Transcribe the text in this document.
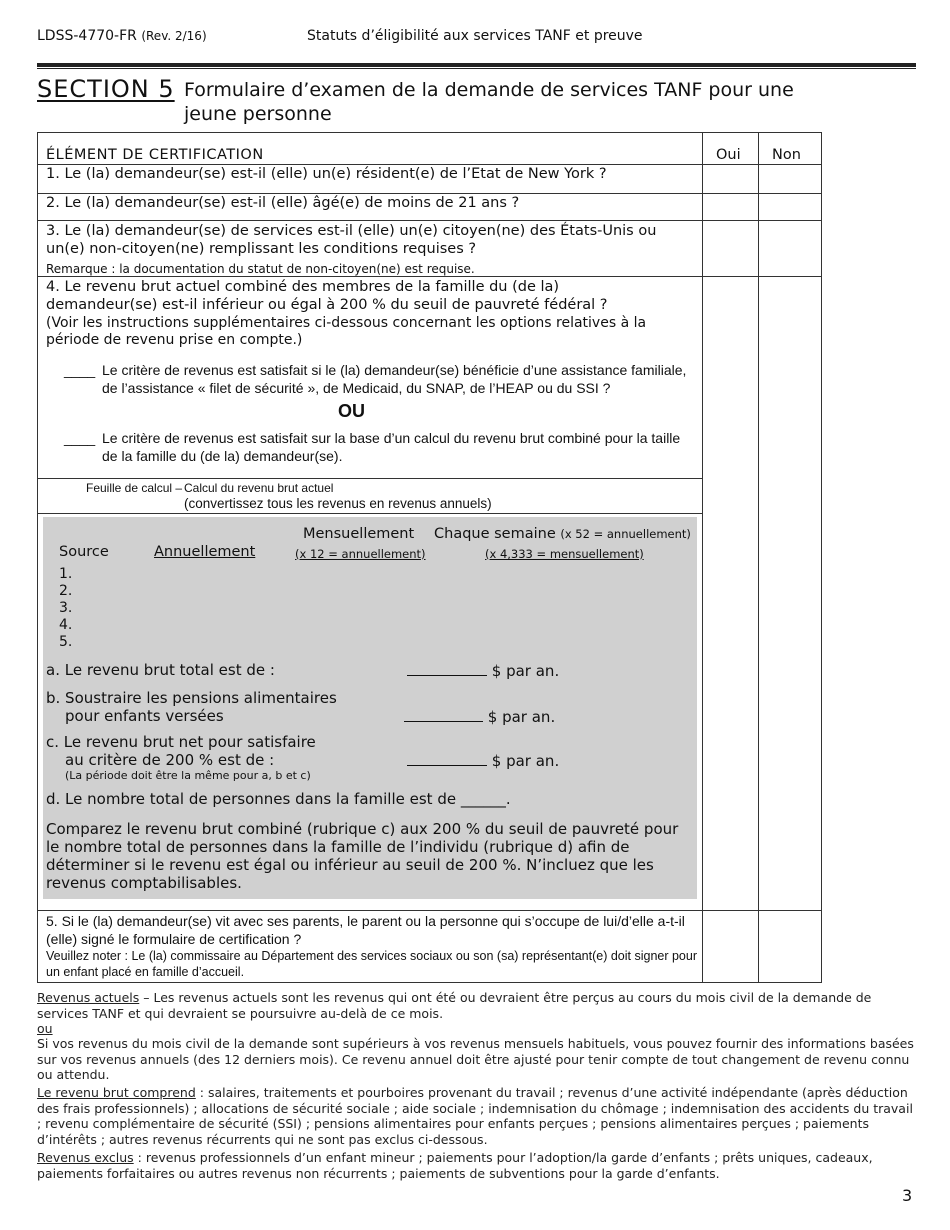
LDSS-4770-FR (Rev. 2/16)	Statuts d’éligibilité aux services TANF et preuve
SECTION 5 Formulaire d’examen de la demande de services TANF pour une jeune personne
ÉLÉMENT DE CERTIFICATION	Oui Non
1. Le (la) demandeur(se) est-il (elle) un(e) résident(e) de l’Etat de New York ?
2. Le (la) demandeur(se) est-il (elle) âgé(e) de moins de 21 ans ?
3. Le (la) demandeur(se) de services est-il (elle) un(e) citoyen(ne) des États-Unis ou un(e) non-citoyen(ne) remplissant les conditions requises ?
Remarque : la documentation du statut de non-citoyen(ne) est requise.
4. Le revenu brut actuel combiné des membres de la famille du (de la) demandeur(se) est-il inférieur ou égal à 200 % du seuil de pauvreté fédéral ?
(Voir les instructions supplémentaires ci-dessous concernant les options relatives à la période de revenu prise en compte.)
____ Le critère de revenus est satisfait si le (la) demandeur(se) bénéficie d’une assistance familiale, de l’assistance « filet de sécurité », de Medicaid, du SNAP, de l’HEAP ou du SSI ?
OU
____ Le critère de revenus est satisfait sur la base d’un calcul du revenu brut combiné pour la taille de la famille du (de la) demandeur(se).
Feuille de calcul – Calcul du revenu brut actuel
(convertissez tous les revenus en revenus annuels)
Mensuellement Chaque semaine (x 52 = annuellement)
Source	Annuellement	(x 12 = annuellement)	(x 4,333 = mensuellement)
1.
2.
3.
4.
5.
a. Le revenu brut total est de :	$ par an.
b. Soustraire les pensions alimentaires
pour enfants versées	$ par an.
c. Le revenu brut net pour satisfaire
au critère de 200 % est de :	$ par an.
(La période doit être la même pour a, b et c)
d. Le nombre total de personnes dans la famille est de ______.
Comparez le revenu brut combiné (rubrique c) aux 200 % du seuil de pauvreté pour le nombre total de personnes dans la famille de l’individu (rubrique d) afin de déterminer si le revenu est égal ou inférieur au seuil de 200 %. N’incluez que les revenus comptabilisables.
5. Si le (la) demandeur(se) vit avec ses parents, le parent ou la personne qui s’occupe de lui/d’elle a-t-il (elle) signé le formulaire de certification ?
Veuillez noter : Le (la) commissaire au Département des services sociaux ou son (sa) représentant(e) doit signer pour un enfant placé en famille d’accueil.
Revenus actuels – Les revenus actuels sont les revenus qui ont été ou devraient être perçus au cours du mois civil de la demande de services TANF et qui devraient se poursuivre au-delà de ce mois.
ou
Si vos revenus du mois civil de la demande sont supérieurs à vos revenus mensuels habituels, vous pouvez fournir des informations basées sur vos revenus annuels (des 12 derniers mois). Ce revenu annuel doit être ajusté pour tenir compte de tout changement de revenu connu ou attendu.
Le revenu brut comprend : salaires, traitements et pourboires provenant du travail ; revenus d’une activité indépendante (après déduction des frais professionnels) ; allocations de sécurité sociale ; aide sociale ; indemnisation du chômage ; indemnisation des accidents du travail ; revenu complémentaire de sécurité (SSI) ; pensions alimentaires pour enfants perçues ; pensions alimentaires perçues ; paiements d’intérêts ; autres revenus récurrents qui ne sont pas exclus ci-dessous.
Revenus exclus : revenus professionnels d’un enfant mineur ; paiements pour l’adoption/la garde d’enfants ; prêts uniques, cadeaux, paiements forfaitaires ou autres revenus non récurrents ; paiements de subventions pour la garde d’enfants.
3
